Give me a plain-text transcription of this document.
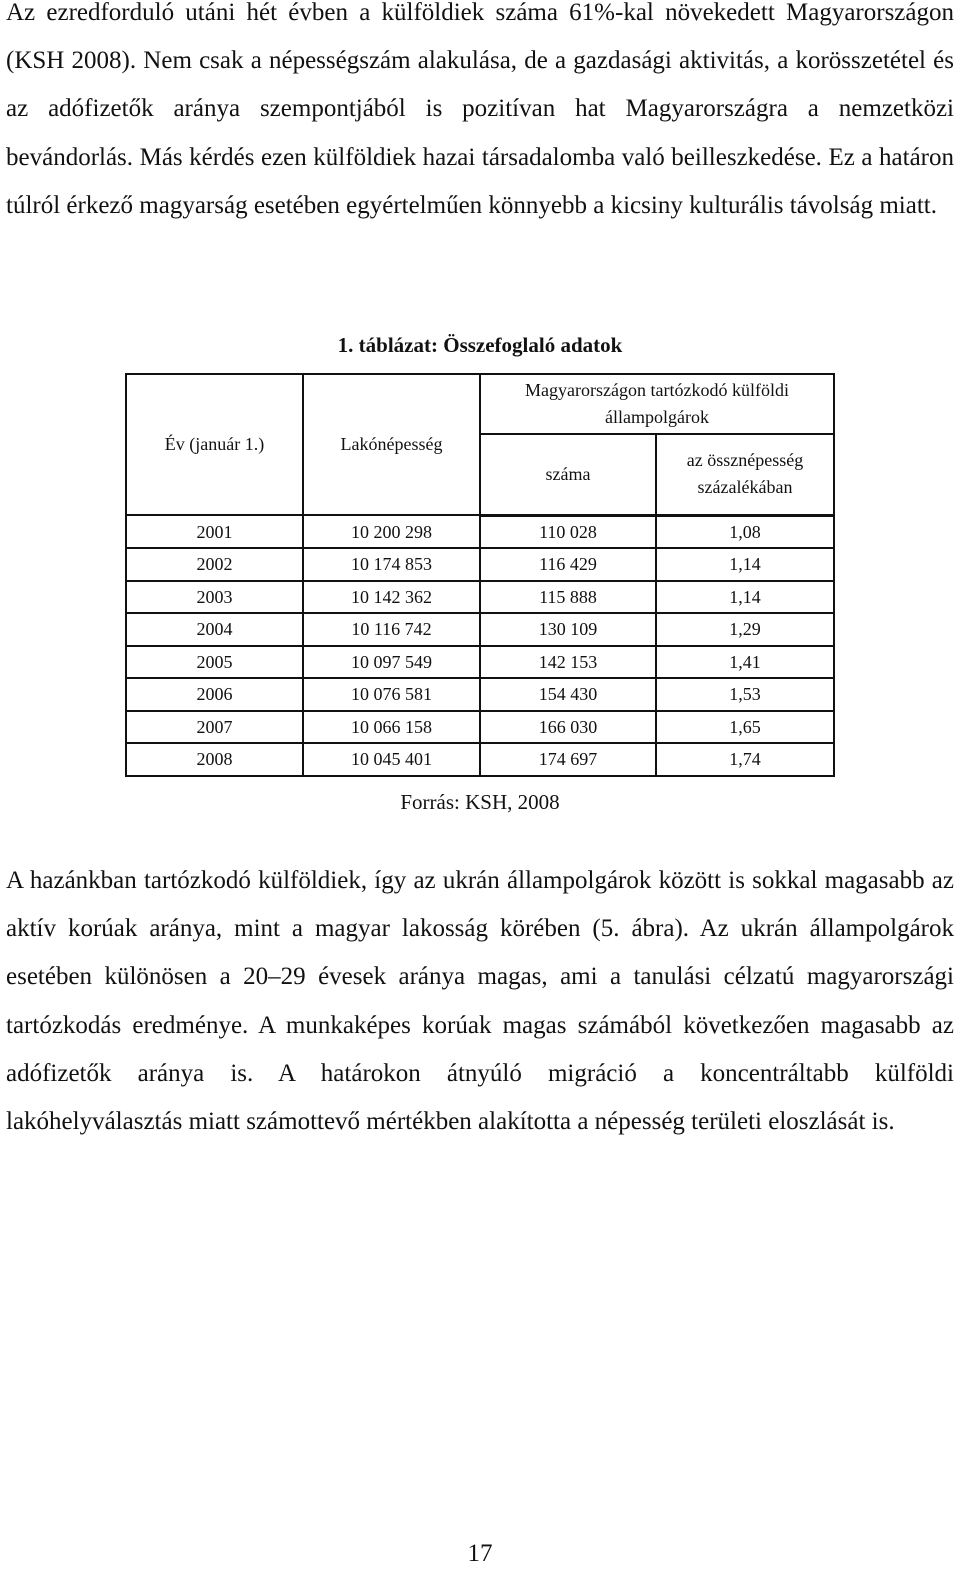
Az ezredforduló utáni hét évben a külföldiek száma 61%-kal növekedett Magyarországon (KSH 2008). Nem csak a népességszám alakulása, de a gazdasági aktivitás, a korösszetétel és az adófizetők aránya szempontjából is pozitívan hat Magyarországra a nemzetközi bevándorlás. Más kérdés ezen külföldiek hazai társadalomba való beilleszkedése. Ez a határon túlról érkező magyarság esetében egyértelműen könnyebb a kicsiny kulturális távolság miatt.

1. táblázat: Összefoglaló adatok
Év (január 1.)	Lakónépesség	Magyarországon tartózkodó külföldi állampolgárok	
		száma	az össznépesség százalékában
2001	10 200 298	110 028	1,08
2002	10 174 853	116 429	1,14
2003	10 142 362	115 888	1,14
2004	10 116 742	130 109	1,29
2005	10 097 549	142 153	1,41
2006	10 076 581	154 430	1,53
2007	10 066 158	166 030	1,65
2008	10 045 401	174 697	1,74
Forrás: KSH, 2008

A hazánkban tartózkodó külföldiek, így az ukrán állampolgárok között is sokkal magasabb az aktív korúak aránya, mint a magyar lakosság körében (5. ábra). Az ukrán állampolgárok esetében különösen a 20–29 évesek aránya magas, ami a tanulási célzatú magyarországi tartózkodás eredménye. A munkaképes korúak magas számából következően magasabb az adófizetők aránya is. A határokon átnyúló migráció a koncentráltabb külföldi lakóhelyválasztás miatt számottevő mértékben alakította a népesség területi eloszlását is.

17
